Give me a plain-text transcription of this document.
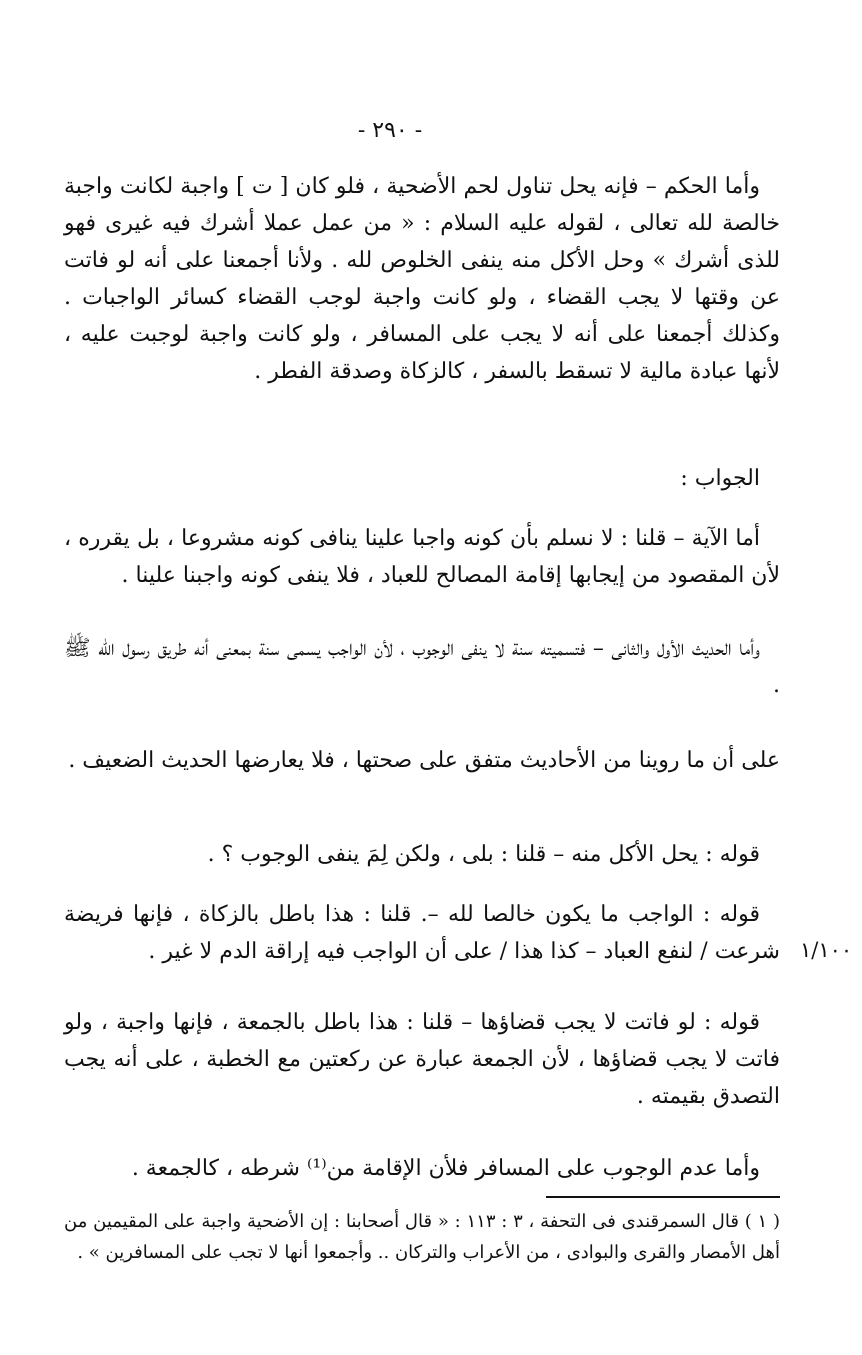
- ٢٩٠ -

وأما الحكم – فإنه يحل تناول لحم الأضحية ، فلو كان [ ت ] واجبة لكانت واجبة خالصة لله تعالى ، لقوله عليه السلام : « من عمل عملا أشرك فيه غيرى فهو للذى أشرك » وحل الأكل منه ينفى الخلوص لله . ولأنا أجمعنا على أنه لو فاتت عن وقتها لا يجب القضاء ، ولو كانت واجبة لوجب القضاء كسائر الواجبات . وكذلك أجمعنا على أنه لا يجب على المسافر ، ولو كانت واجبة لوجبت عليه ، لأنها عبادة مالية لا تسقط بالسفر ، كالزكاة وصدقة الفطر .

الجواب :

أما الآية – قلنا : لا نسلم بأن كونه واجبا علينا ينافى كونه مشروعا ، بل يقرره ، لأن المقصود من إيجابها إقامة المصالح للعباد ، فلا ينفى كونه واجبنا علينا .

وأما الحديث الأول والثانى – فتسميته سنة لا ينفى الوجوب ، لأن الواجب يسمى سنة بمعنى أنه طريق رسول الله ﷺ .

على أن ما روينا من الأحاديث متفق على صحتها ، فلا يعارضها الحديث الضعيف .

قوله : يحل الأكل منه – قلنا : بلى ، ولكن لِمَ ينفى الوجوب ؟ .

قوله : الواجب ما يكون خالصا لله –. قلنا : هذا باطل بالزكاة ، فإنها فريضة شرعت / لنفع العباد – كذا هذا / على أن الواجب فيه إراقة الدم لا غير . ١/١٠٠

قوله : لو فاتت لا يجب قضاؤها – قلنا : هذا باطل بالجمعة ، فإنها واجبة ، ولو فاتت لا يجب قضاؤها ، لأن الجمعة عبارة عن ركعتين مع الخطبة ، على أنه يجب التصدق بقيمته .

وأما عدم الوجوب على المسافر فلأن الإقامة من⁽¹⁾ شرطه ، كالجمعة .

( ١ ) قال السمرقندى فى التحفة ، ٣ : ١١٣ : « قال أصحابنا : إن الأضحية واجبة على المقيمين من أهل الأمصار والقرى والبوادى ، من الأعراب والتركان .. وأجمعوا أنها لا تجب على المسافرين » .
